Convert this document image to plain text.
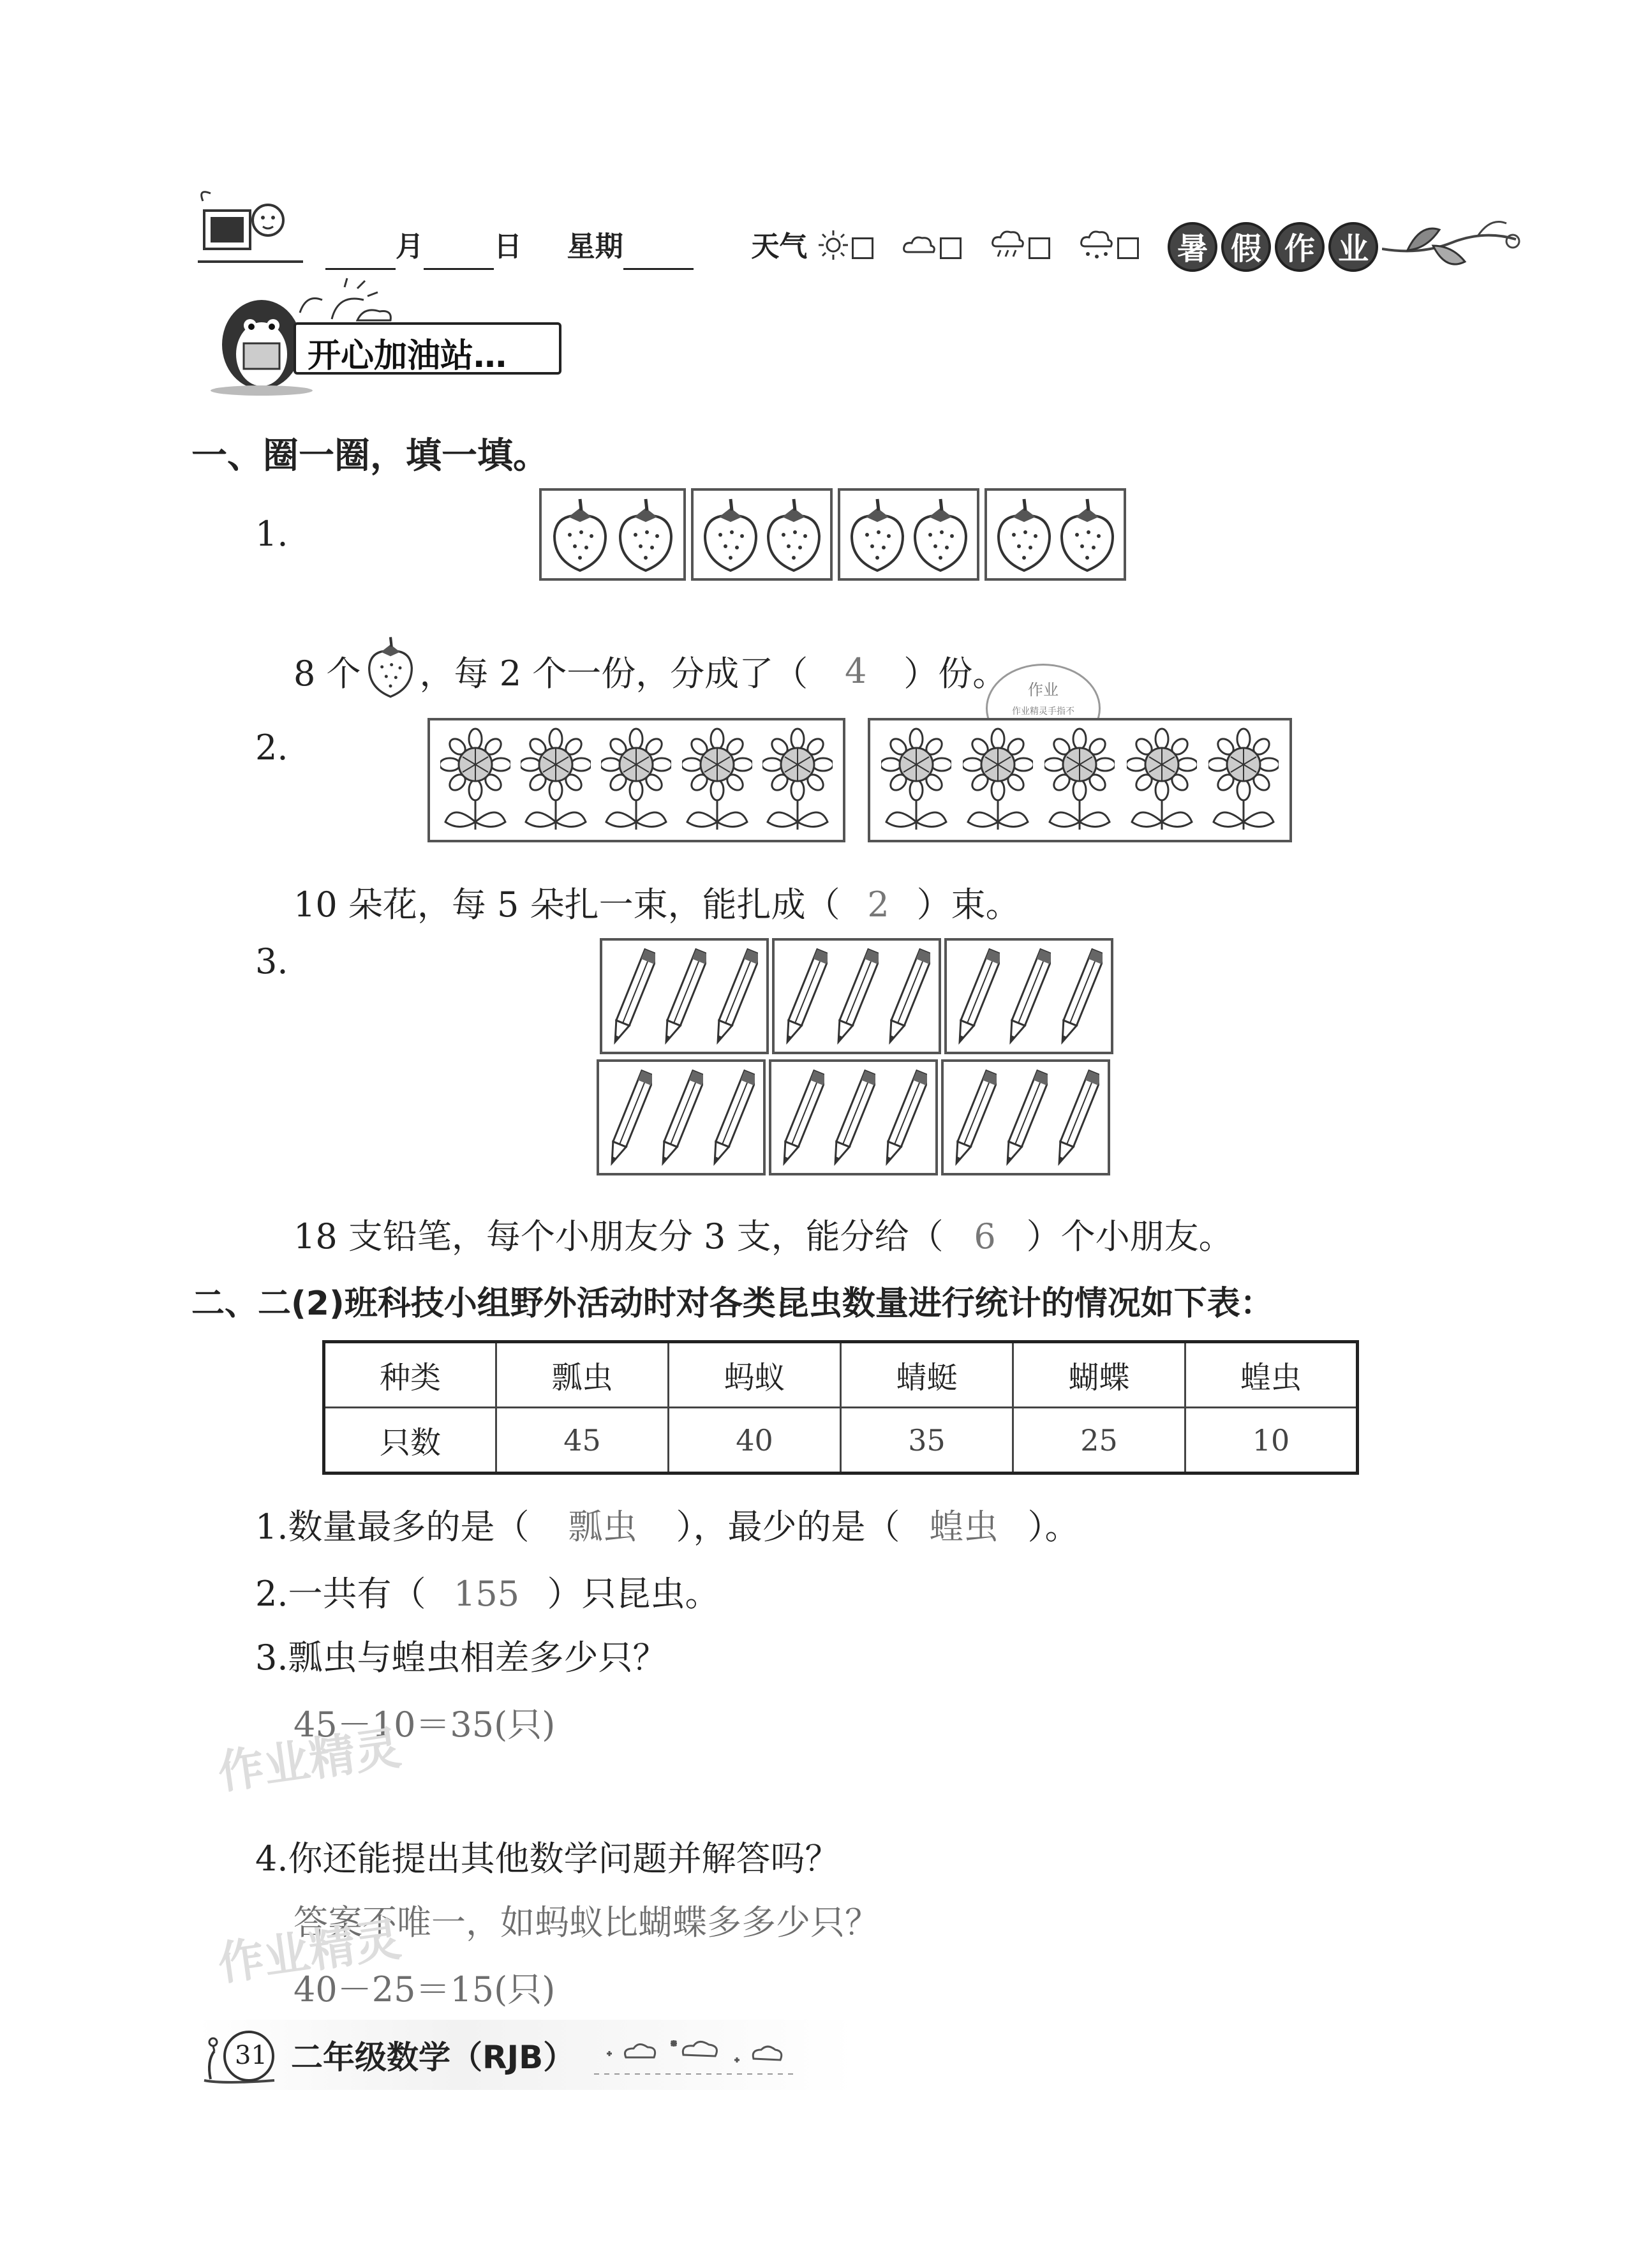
月	日 星期	天气	暑 假 作 业
开心加油站…
一、圈一圈，填一填。
1.
8 个 ，每 2 个一份，分成了（	4	）份。	作业
作业精灵手指不
2.
10 朵花，每 5 朵扎一束，能扎成（ 2 ）束。
3.
18 支铅笔，每个小朋友分 3 支，能分给（ 6 ）个小朋友。
二、二(2)班科技小组野外活动时对各类昆虫数量进行统计的情况如下表：
种类	瓢虫	蚂蚁	蜻蜓	蝴蝶	蝗虫
只数	45	40	35	25	10
1.数量最多的是（ 瓢虫 ），最少的是（ 蝗虫 ）。
2.一共有（ 155 ）只昆虫。
3.瓢虫与蝗虫相差多少只？
45－10＝35(只)
作业精灵
4.你还能提出其他数学问题并解答吗？
答案不唯一，如蚂蚁比蝴蝶多多少只？
作业精灵
40－25＝15(只)
31 二年级数学（RJB）
